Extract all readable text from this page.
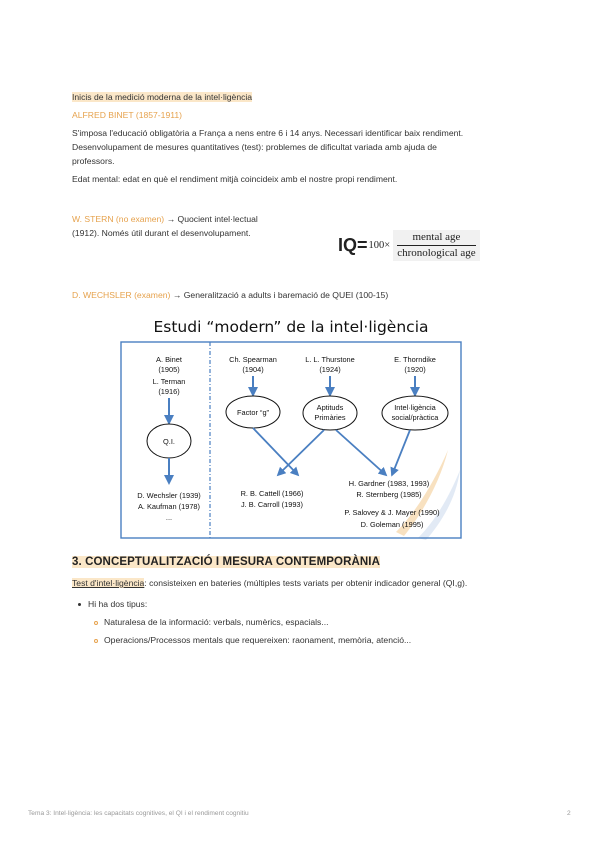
Inicis de la medició moderna de la intel·ligència
ALFRED BINET (1857-1911)
S'imposa l'educació obligatòria a França a nens entre 6 i 14 anys. Necessari identificar baix rendiment.
Desenvolupament de mesures quantitatives (test): problemes de dificultat variada amb ajuda de
professors.
Edat mental: edat en què el rendiment mitjà coincideix amb el nostre propi rendiment.
W. STERN (no examen) → Quocient intel·lectual
(1912). Només útil durant el desenvolupament.
IQ= 100×
mental age
chronological age
D. WECHSLER (examen) → Generalització a adults i baremació de QUEI (100-15)
Estudi “modern” de la intel·ligència
A. Binet
(1905)
L. Terman
(1916)
Q.I.
D. Wechsler (1939)
A. Kaufman (1978)
...
Ch. Spearman
(1904)
Factor “g”
L. L. Thurstone
(1924)
Aptituds
Primàries
E. Thorndike
(1920)
Intel·ligència
social/pràctica
R. B. Cattell (1966)
J. B. Carroll (1993)
H. Gardner (1983, 1993)
R. Sternberg (1985)
P. Salovey & J. Mayer (1990)
D. Goleman (1995)
3. CONCEPTUALITZACIÓ I MESURA CONTEMPORÀNIA
Test d'intel·ligència: consisteixen en bateries (múltiples tests variats per obtenir indicador general (QI,g).
Hi ha dos tipus:
Naturalesa de la informació: verbals, numèrics, espacials...
Operacions/Processos mentals que requereixen: raonament, memòria, atenció...
Tema 3: Intel·ligència: les capacitats cognitives, el QI i el rendiment cognitiu	2
